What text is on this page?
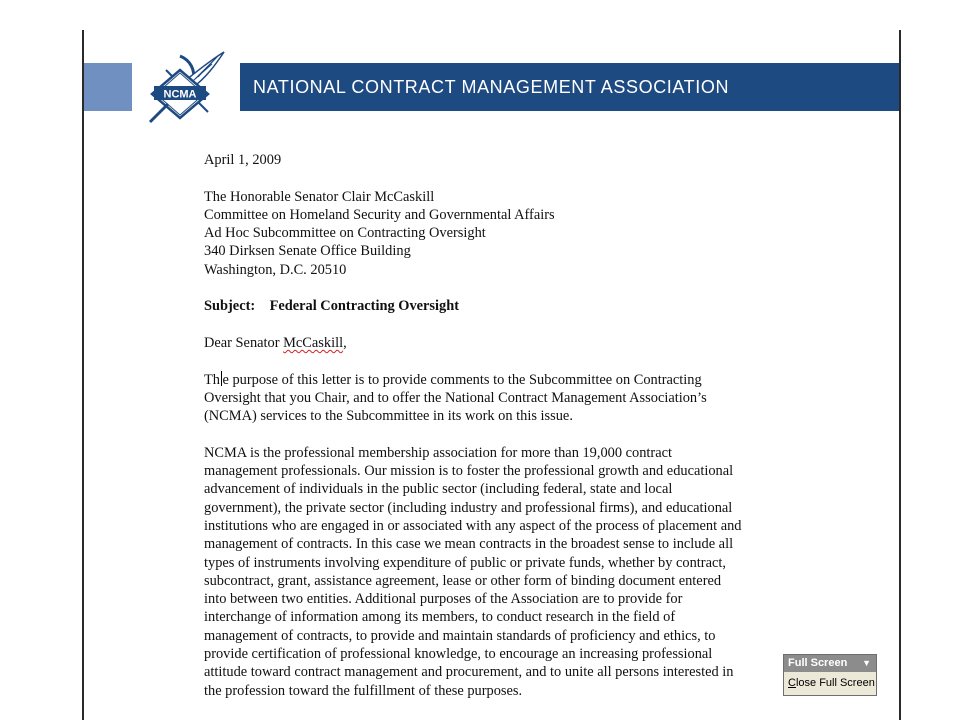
NATIONAL CONTRACT MANAGEMENT ASSOCIATION
NCMA
April 1, 2009
The Honorable Senator Clair McCaskill
Committee on Homeland Security and Governmental Affairs
Ad Hoc Subcommittee on Contracting Oversight
340 Dirksen Senate Office Building
Washington, D.C. 20510
Subject: Federal Contracting Oversight
Dear Senator McCaskill,
Th e purpose of this letter is to provide comments to the Subcommittee on Contracting
Oversight that you Chair, and to offer the National Contract Management Association’s
(NCMA) services to the Subcommittee in its work on this issue.
NCMA is the professional membership association for more than 19,000 contract
management professionals. Our mission is to foster the professional growth and educational
advancement of individuals in the public sector (including federal, state and local
government), the private sector (including industry and professional firms), and educational
institutions who are engaged in or associated with any aspect of the process of placement and
management of contracts. In this case we mean contracts in the broadest sense to include all
types of instruments involving expenditure of public or private funds, whether by contract,
subcontract, grant, assistance agreement, lease or other form of binding document entered
into between two entities. Additional purposes of the Association are to provide for
interchange of information among its members, to conduct research in the field of
management of contracts, to provide and maintain standards of proficiency and ethics, to
provide certification of professional knowledge, to encourage an increasing professional
attitude toward contract management and procurement, and to unite all persons interested in
the profession toward the fulfillment of these purposes.
Full Screen ▼
Close Full Screen
